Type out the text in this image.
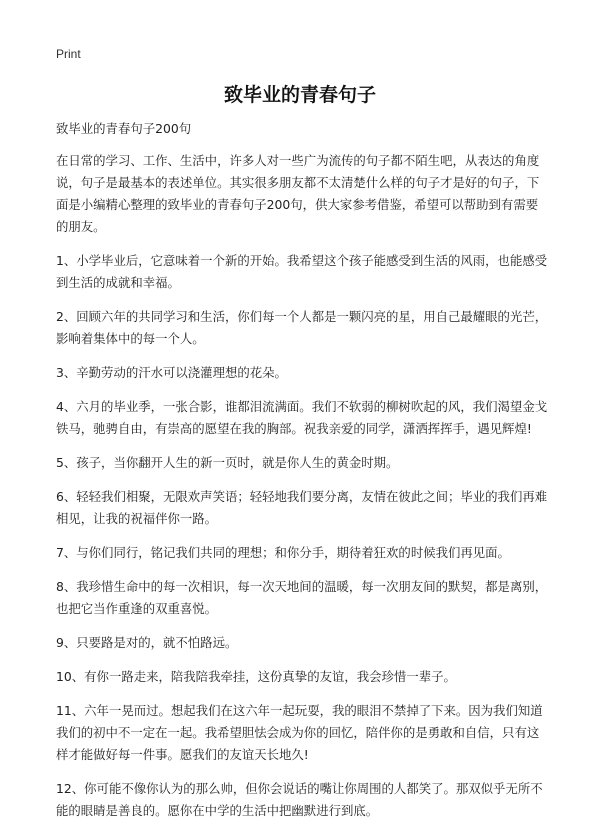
Print
致毕业的青春句子

致毕业的青春句子200句

在日常的学习、工作、生活中，许多人对一些广为流传的句子都不陌生吧，从表达的角度说，句子是最基本的表述单位。其实很多朋友都不太清楚什么样的句子才是好的句子，下面是小编精心整理的致毕业的青春句子200句，供大家参考借鉴，希望可以帮助到有需要的朋友。

1、小学毕业后，它意味着一个新的开始。我希望这个孩子能感受到生活的风雨，也能感受到生活的成就和幸福。

2、回顾六年的共同学习和生活，你们每一个人都是一颗闪亮的星，用自己最耀眼的光芒，影响着集体中的每一个人。

3、辛勤劳动的汗水可以浇灌理想的花朵。

4、六月的毕业季，一张合影，谁都泪流满面。我们不软弱的柳树吹起的风，我们渴望金戈铁马，驰骋自由，有崇高的愿望在我的胸部。祝我亲爱的同学，潇洒挥挥手，遇见辉煌!

5、孩子，当你翻开人生的新一页时，就是你人生的黄金时期。

6、轻轻我们相聚，无限欢声笑语；轻轻地我们要分离，友情在彼此之间；毕业的我们再难相见，让我的祝福伴你一路。

7、与你们同行，铭记我们共同的理想；和你分手，期待着狂欢的时候我们再见面。

8、我珍惜生命中的每一次相识，每一次天地间的温暖，每一次朋友间的默契，都是离别，也把它当作重逢的双重喜悦。

9、只要路是对的，就不怕路远。

10、有你一路走来，陪我陪我牵挂，这份真挚的友谊，我会珍惜一辈子。

11、六年一晃而过。想起我们在这六年一起玩耍，我的眼泪不禁掉了下来。因为我们知道我们的初中不一定在一起。我希望胆怯会成为你的回忆，陪伴你的是勇敢和自信，只有这样才能做好每一件事。愿我们的友谊天长地久!

12、你可能不像你认为的那么帅，但你会说话的嘴让你周围的人都笑了。那双似乎无所不能的眼睛是善良的。愿你在中学的生活中把幽默进行到底。
